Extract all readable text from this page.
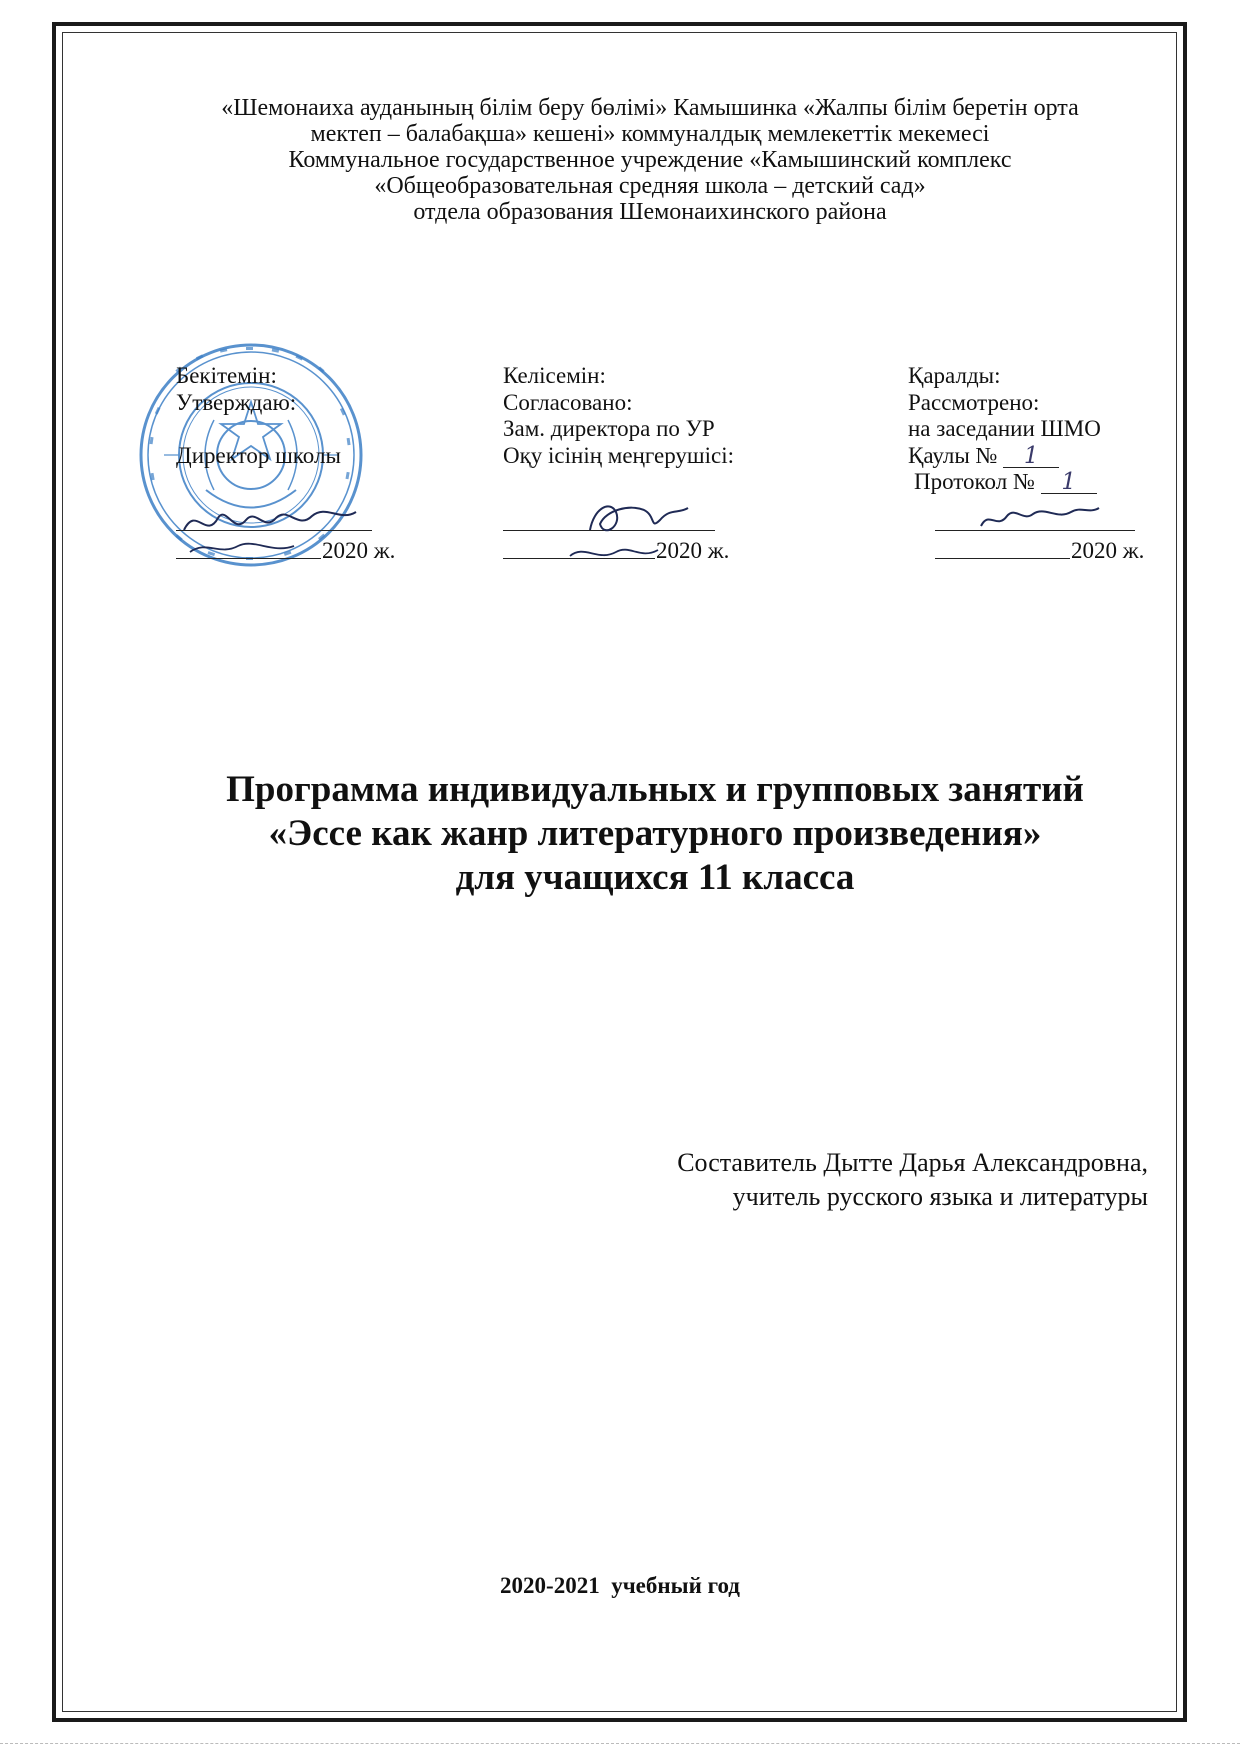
«Шемонаиха ауданының білім беру бөлімі» Камышинка «Жалпы білім беретін орта
мектеп – балабақша» кешені» коммуналдық мемлекеттік мекемесі
Коммунальное государственное учреждение «Камышинский комплекс
«Общеобразовательная средняя школа – детский сад»
отдела образования Шемонаихинского района
Бекітемін:
Утверждаю:
Директор школы
2020 ж.
Келісемін:
Согласовано:
Зам. директора по УР
Оқу ісінің меңгерушісі:
2020 ж.
Қаралды:
Рассмотрено:
на заседании ШМО
Қаулы № 1
Протокол № 1
2020 ж.
Программа индивидуальных и групповых занятий
«Эссе как жанр литературного произведения»
для учащихся 11 класса
Составитель Дытте Дарья Александровна,
учитель русского языка и литературы
2020-2021  учебный год
